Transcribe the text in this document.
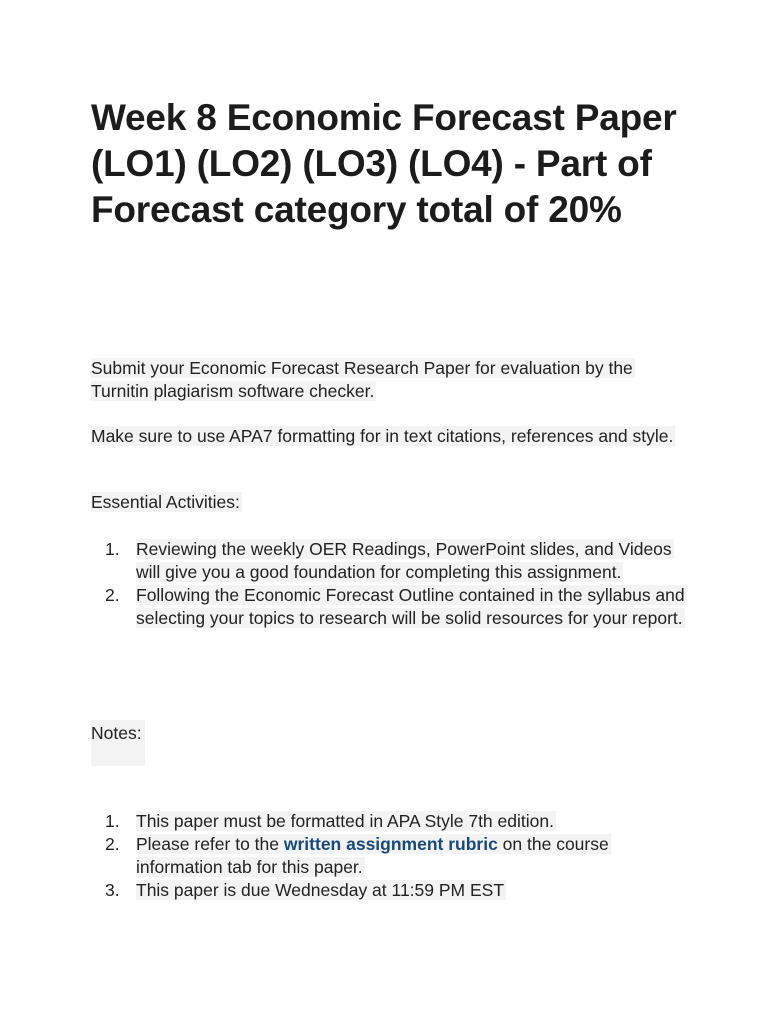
Week 8 Economic Forecast Paper (LO1) (LO2) (LO3) (LO4) - Part of Forecast category total of 20%

Submit your Economic Forecast Research Paper for evaluation by the Turnitin plagiarism software checker.

Make sure to use APA7 formatting for in text citations, references and style.

Essential Activities:

1. Reviewing the weekly OER Readings, PowerPoint slides, and Videos will give you a good foundation for completing this assignment.
2. Following the Economic Forecast Outline contained in the syllabus and selecting your topics to research will be solid resources for your report.
Notes:
1. This paper must be formatted in APA Style 7th edition.
2. Please refer to the written assignment rubric on the course information tab for this paper.
3. This paper is due Wednesday at 11:59 PM EST
